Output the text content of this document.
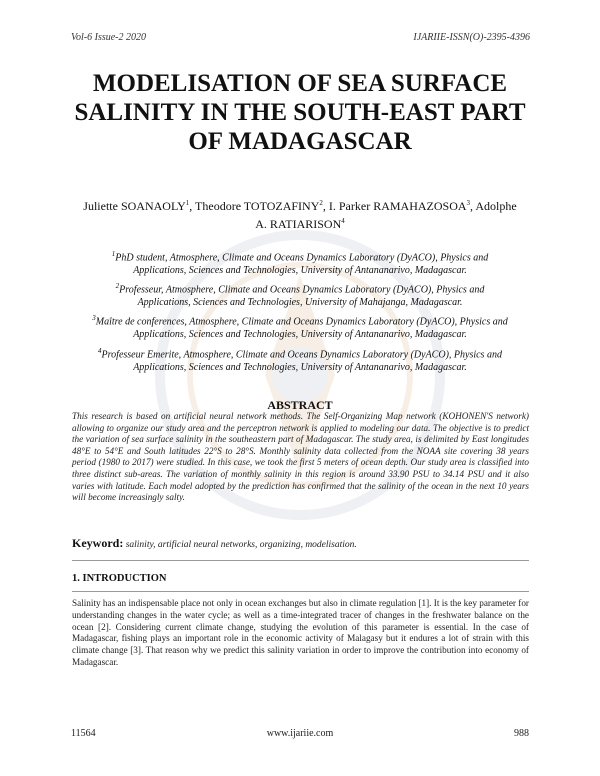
Vol-6 Issue-2 2020	IJARIIE-ISSN(O)-2395-4396
MODELISATION OF SEA SURFACE SALINITY IN THE SOUTH-EAST PART OF MADAGASCAR
Juliette SOANAOLY$^1$, Theodore TOTOZAFINY$^2$, I. Parker RAMAHAZOSOA$^3$, Adolphe A. RATIARISON$^4$
$^1$PhD student, Atmosphere, Climate and Oceans Dynamics Laboratory (DyACO), Physics and Applications, Sciences and Technologies, University of Antananarivo, Madagascar.
$^2$Professeur, Atmosphere, Climate and Oceans Dynamics Laboratory (DyACO), Physics and Applications, Sciences and Technologies, University of Mahajanga, Madagascar.
$^3$Maître de conferences, Atmosphere, Climate and Oceans Dynamics Laboratory (DyACO), Physics and Applications, Sciences and Technologies, University of Antananarivo, Madagascar.
$^4$Professeur Emerite, Atmosphere, Climate and Oceans Dynamics Laboratory (DyACO), Physics and Applications, Sciences and Technologies, University of Antananarivo, Madagascar.
ABSTRACT
This research is based on artificial neural network methods. The Self-Organizing Map network (KOHONEN'S network) allowing to organize our study area and the perceptron network is applied to modeling our data. The objective is to predict the variation of sea surface salinity in the southeastern part of Madagascar. The study area, is delimited by East longitudes 48°E to 54°E and South latitudes 22°S to 28°S. Monthly salinity data collected from the NOAA site covering 38 years period (1980 to 2017) were studied. In this case, we took the first 5 meters of ocean depth. Our study area is classified into three distinct sub-areas. The variation of monthly salinity in this region is around 33.90 PSU to 34.14 PSU and it also varies with latitude. Each model adopted by the prediction has confirmed that the salinity of the ocean in the next 10 years will become increasingly salty.
Keyword: salinity, artificial neural networks, organizing, modelisation.
1. INTRODUCTION
Salinity has an indispensable place not only in ocean exchanges but also in climate regulation [1]. It is the key parameter for understanding changes in the water cycle; as well as a time-integrated tracer of changes in the freshwater balance on the ocean [2]. Considering current climate change, studying the evolution of this parameter is essential. In the case of Madagascar, fishing plays an important role in the economic activity of Malagasy but it endures a lot of strain with this climate change [3]. That reason why we predict this salinity variation in order to improve the contribution into economy of Madagascar.
11564	www.ijariie.com	988
